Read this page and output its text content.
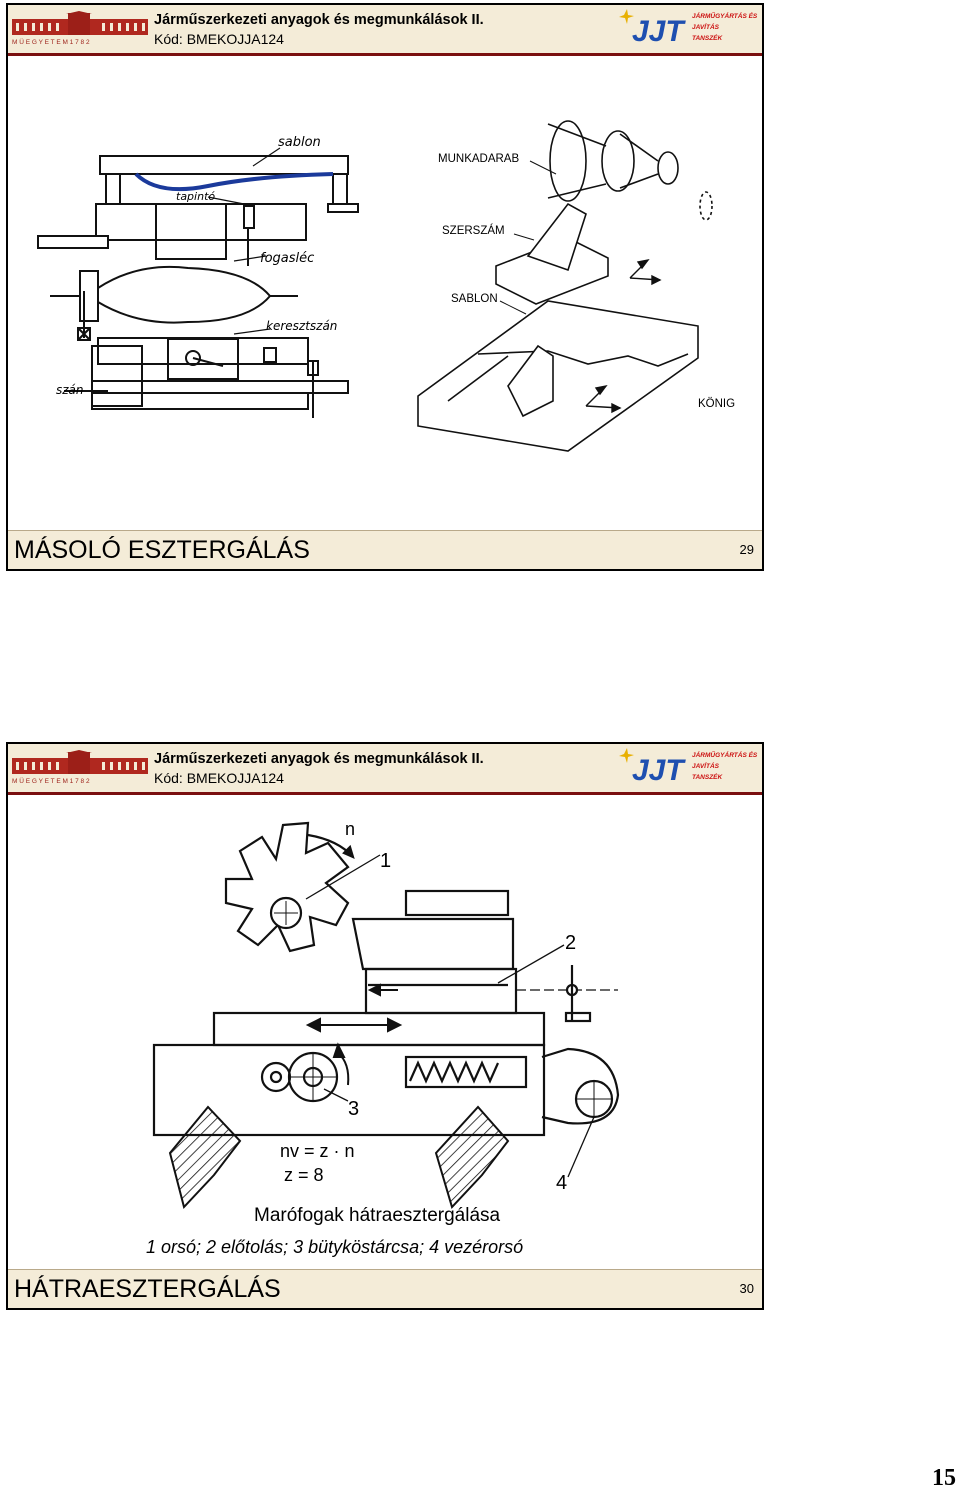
M Ü E G Y E T E M 1 7 8 2
Járműszerkezeti anyagok és megmunkálások II.
Kód: BMEKOJJA124	JJT	JÁRMŰGYÁRTÁS ÉS
JAVÍTÁS
TANSZÉK
sablon
tapintó
fogasléc
keresztszán
szán
MUNKADARAB
SZERSZÁM
SABLON
KÖNIG
MÁSOLÓ ESZTERGÁLÁS	29
M Ü E G Y E T E M 1 7 8 2
Járműszerkezeti anyagok és megmunkálások II.
Kód: BMEKOJJA124	JJT	JÁRMŰGYÁRTÁS ÉS
JAVÍTÁS
TANSZÉK
n
1
2
3
4
nv = z · n
z = 8
Marófogak hátraesztergálása
1 orsó; 2 előtolás; 3 bütyköstárcsa; 4 vezérorsó
HÁTRAESZTERGÁLÁS	30
15
